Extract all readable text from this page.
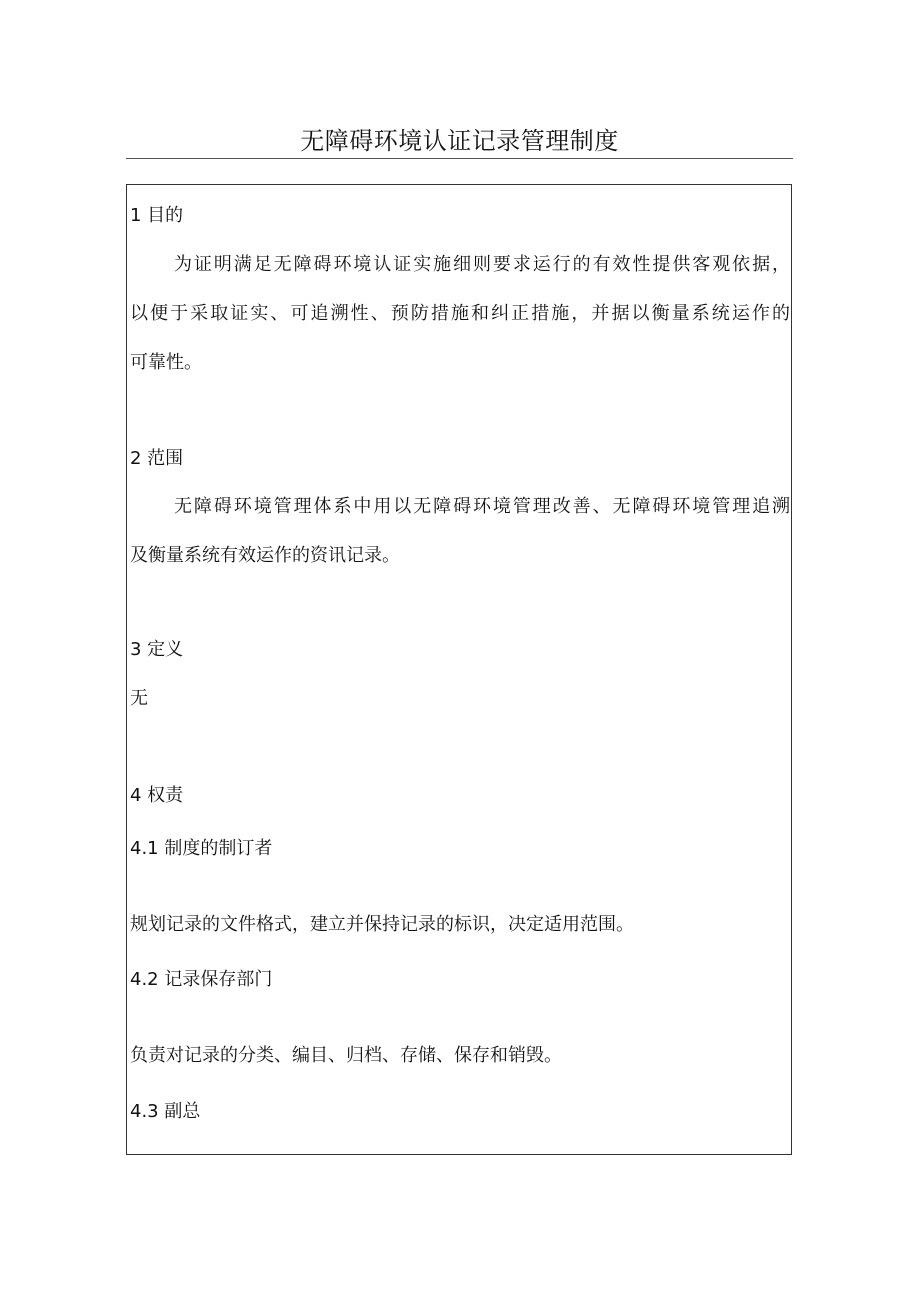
无障碍环境认证记录管理制度

1 目的

为证明满足无障碍环境认证实施细则要求运行的有效性提供客观依据，

以便于采取证实、可追溯性、预防措施和纠正措施，并据以衡量系统运作的

可靠性。

2 范围

无障碍环境管理体系中用以无障碍环境管理改善、无障碍环境管理追溯

及衡量系统有效运作的资讯记录。

3 定义

无

4 权责

4.1 制度的制订者

规划记录的文件格式，建立并保持记录的标识，决定适用范围。

4.2 记录保存部门

负责对记录的分类、编目、归档、存储、保存和销毁。

4.3 副总
